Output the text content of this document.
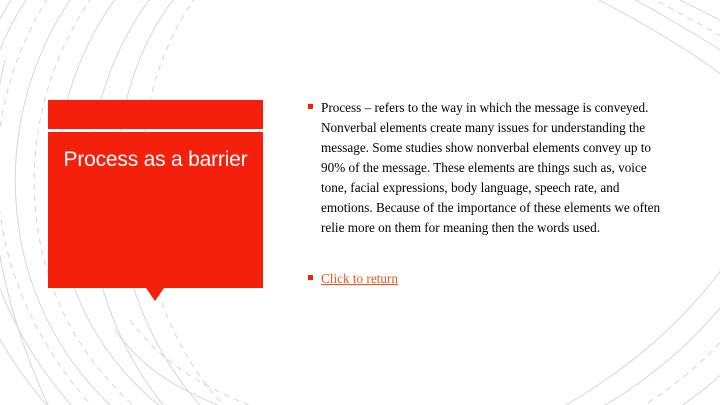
Process as a barrier
Process – refers to the way in which the message is conveyed. Nonverbal elements create many issues for understanding the message. Some studies show nonverbal elements convey up to 90% of the message. These elements are things such as, voice tone, facial expressions, body language, speech rate, and emotions. Because of the importance of these elements we often relie more on them for meaning then the words used.
Click to return
